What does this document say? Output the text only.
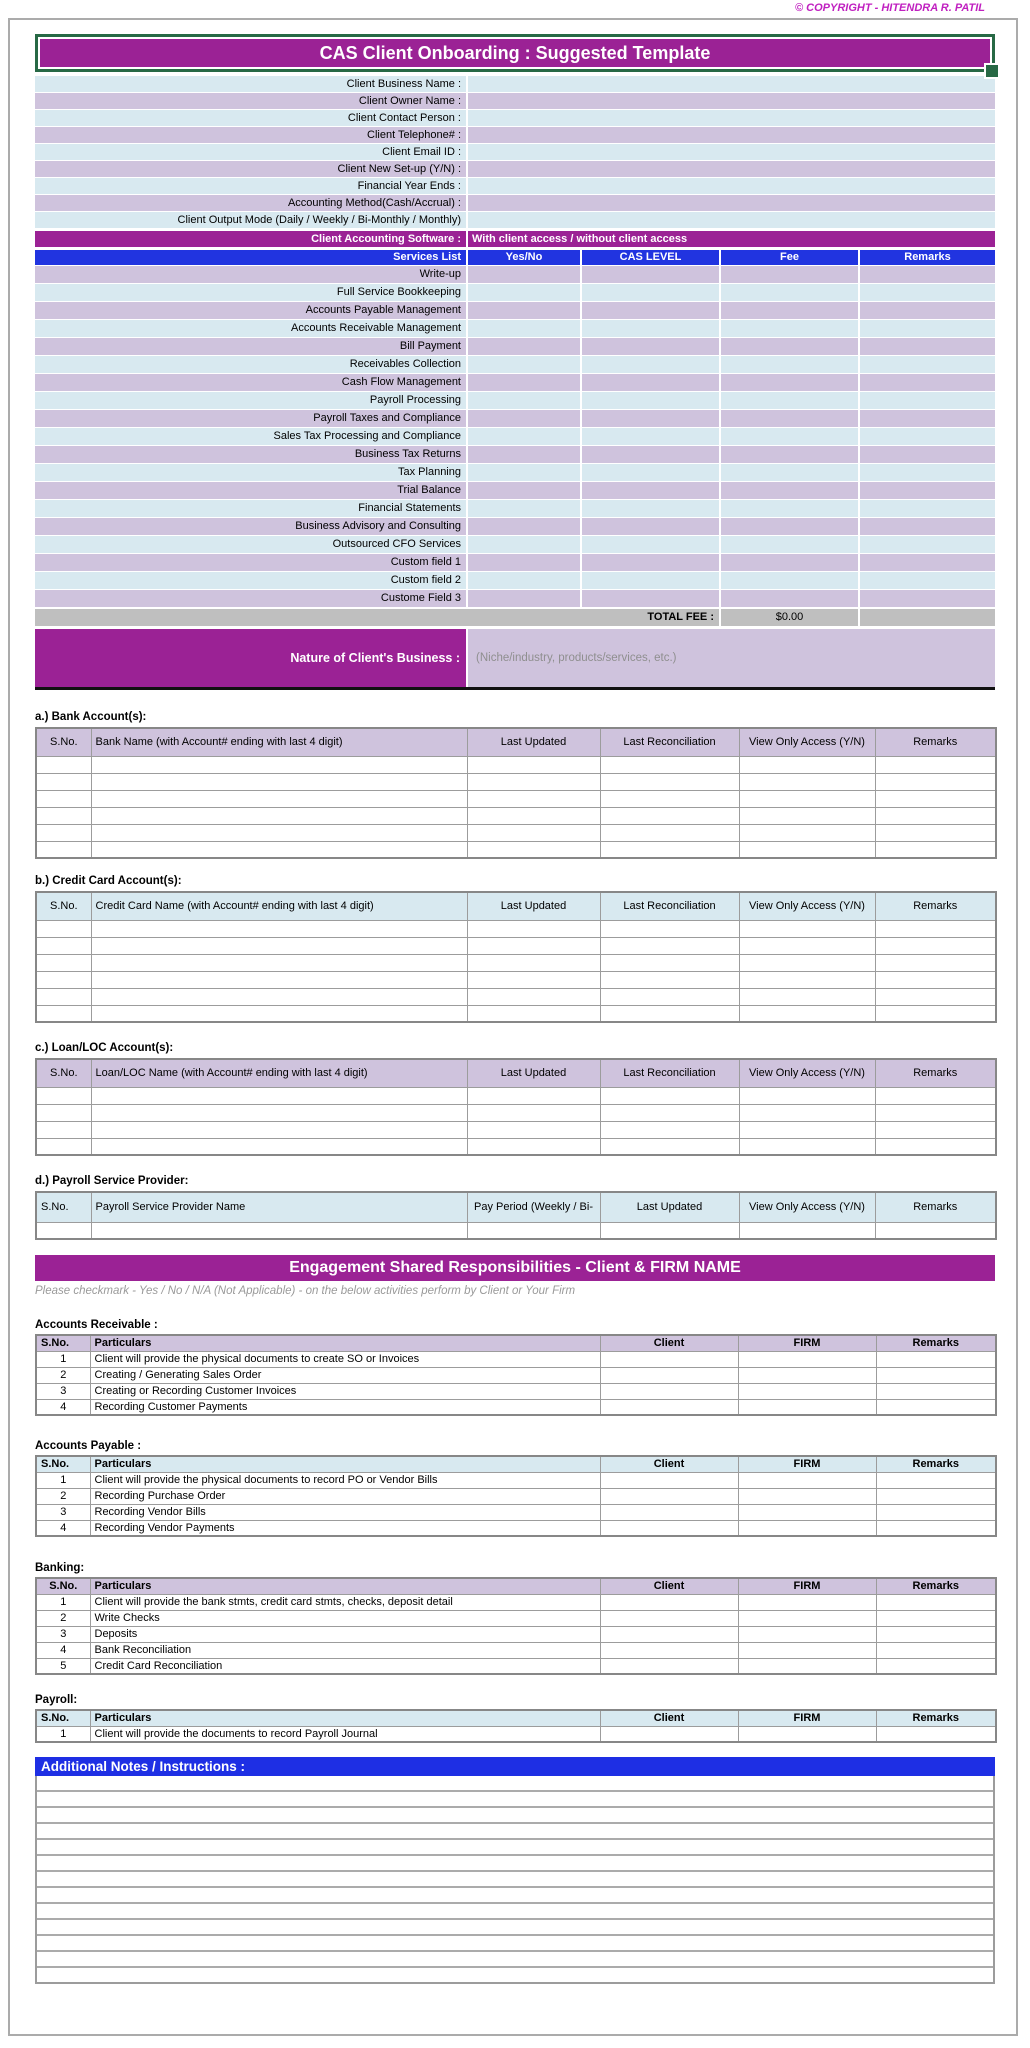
© COPYRIGHT - HITENDRA R. PATIL
CAS Client Onboarding : Suggested Template
Client Business Name :
Client Owner Name :
Client Contact Person :
Client Telephone# :
Client Email ID :
Client New Set-up (Y/N) :
Financial Year Ends :
Accounting Method(Cash/Accrual) :
Client Output Mode (Daily / Weekly / Bi-Monthly / Monthly)
Client Accounting Software :	With client access / without client access
Services List	Yes/No	CAS LEVEL	Fee	Remarks
Write-up
Full Service Bookkeeping
Accounts Payable Management
Accounts Receivable Management
Bill Payment
Receivables Collection
Cash Flow Management
Payroll Processing
Payroll Taxes and Compliance
Sales Tax Processing and Compliance
Business Tax Returns
Tax Planning
Trial Balance
Financial Statements
Business Advisory and Consulting
Outsourced CFO Services
Custom field 1
Custom field 2
Custome Field 3
TOTAL FEE :	$0.00
Nature of Client's Business :	(Niche/industry, products/services, etc.)
a.) Bank Account(s):
S.No.	Bank Name (with Account# ending with last 4 digit)	Last Updated	Last Reconciliation	View Only Access (Y/N)	Remarks

b.) Credit Card Account(s):
S.No.	Credit Card Name (with Account# ending with last 4 digit)	Last Updated	Last Reconciliation	View Only Access (Y/N)	Remarks

c.) Loan/LOC Account(s):
S.No.	Loan/LOC Name (with Account# ending with last 4 digit)	Last Updated	Last Reconciliation	View Only Access (Y/N)	Remarks

d.) Payroll Service Provider:
S.No.	Payroll Service Provider Name	Pay Period (Weekly / Bi-	Last Updated	View Only Access (Y/N)	Remarks

Engagement Shared Responsibilities - Client & FIRM NAME
Please checkmark - Yes / No / N/A (Not Applicable) - on the below activities perform by Client or Your Firm
Accounts Receivable :
S.No.	Particulars	Client	FIRM	Remarks
1	Client will provide the physical documents to create SO or Invoices			
2	Creating / Generating Sales Order			
3	Creating or Recording Customer Invoices			
4	Recording Customer Payments			
Accounts Payable :
S.No.	Particulars	Client	FIRM	Remarks
1	Client will provide the physical documents to record PO or Vendor Bills			
2	Recording Purchase Order			
3	Recording Vendor Bills			
4	Recording Vendor Payments			
Banking:
S.No.	Particulars	Client	FIRM	Remarks
1	Client will provide the bank stmts, credit card stmts, checks, deposit detail			
2	Write Checks			
3	Deposits			
4	Bank Reconciliation			
5	Credit Card Reconciliation			
Payroll:
S.No.	Particulars	Client	FIRM	Remarks
1	Client will provide the documents to record Payroll Journal			
Additional Notes / Instructions :
